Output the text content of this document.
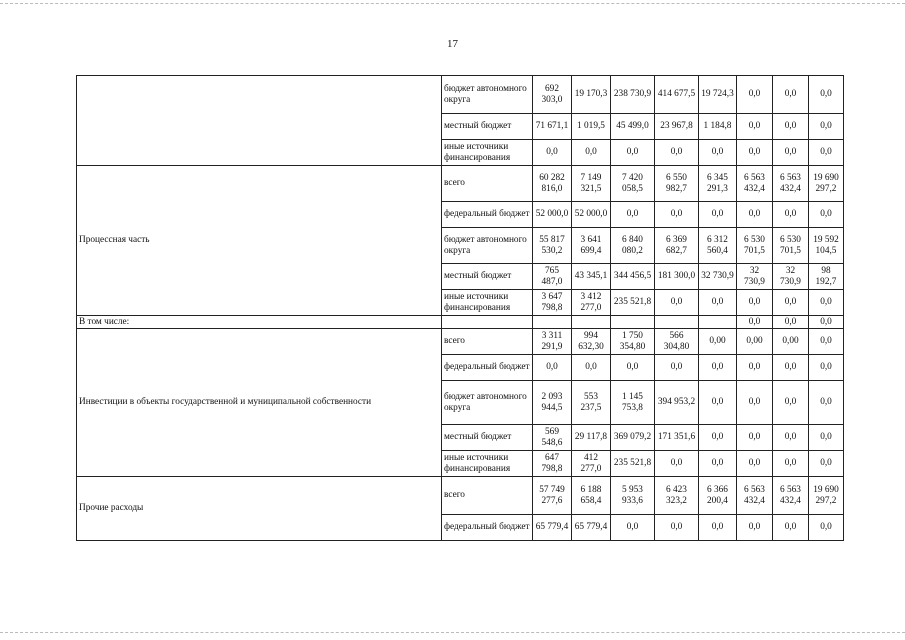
17
	бюджет автономного округа	692 303,0	19 170,3	238 730,9	414 677,5	19 724,3	0,0	0,0	0,0
	местный бюджет	71 671,1	1 019,5	45 499,0	23 967,8	1 184,8	0,0	0,0	0,0
	иные источники финансирования	0,0	0,0	0,0	0,0	0,0	0,0	0,0	0,0
Процессная часть	всего	60 282 816,0	7 149 321,5	7 420 058,5	6 550 982,7	6 345 291,3	6 563 432,4	6 563 432,4	19 690 297,2
	федеральный бюджет	52 000,0	52 000,0	0,0	0,0	0,0	0,0	0,0	0,0
	бюджет автономного округа	55 817 530,2	3 641 699,4	6 840 080,2	6 369 682,7	6 312 560,4	6 530 701,5	6 530 701,5	19 592 104,5
	местный бюджет	765 487,0	43 345,1	344 456,5	181 300,0	32 730,9	32 730,9	32 730,9	98 192,7
	иные источники финансирования	3 647 798,8	3 412 277,0	235 521,8	0,0	0,0	0,0	0,0	0,0
В том числе:							0,0	0,0	0,0
Инвестиции в объекты государственной и муниципальной собственности	всего	3 311 291,9	994 632,30	1 750 354,80	566 304,80	0,00	0,00	0,00	0,0
	федеральный бюджет	0,0	0,0	0,0	0,0	0,0	0,0	0,0	0,0
	бюджет автономного округа	2 093 944,5	553 237,5	1 145 753,8	394 953,2	0,0	0,0	0,0	0,0
	местный бюджет	569 548,6	29 117,8	369 079,2	171 351,6	0,0	0,0	0,0	0,0
	иные источники финансирования	647 798,8	412 277,0	235 521,8	0,0	0,0	0,0	0,0	0,0
Прочие расходы	всего	57 749 277,6	6 188 658,4	5 953 933,6	6 423 323,2	6 366 200,4	6 563 432,4	6 563 432,4	19 690 297,2
	федеральный бюджет	65 779,4	65 779,4	0,0	0,0	0,0	0,0	0,0	0,0
